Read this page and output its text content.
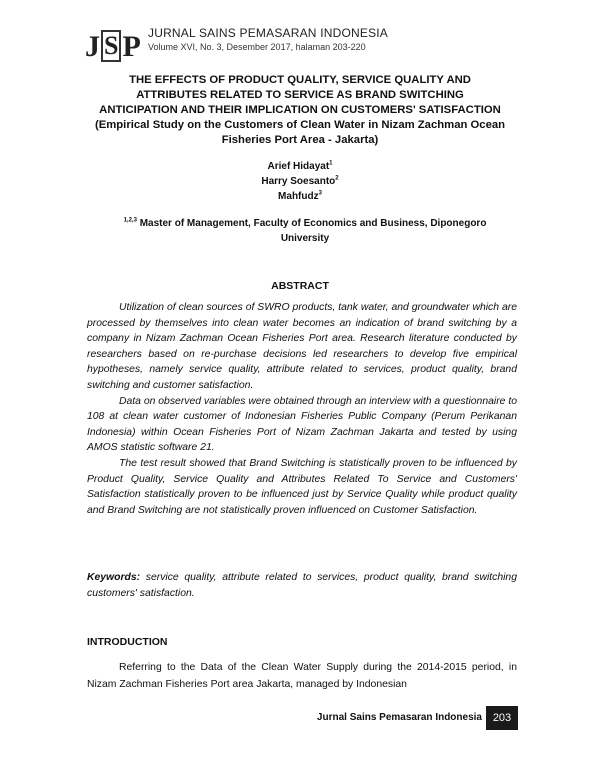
J S P JURNAL SAINS PEMASARAN INDONESIA
Volume XVI, No. 3, Desember 2017, halaman 203-220
THE EFFECTS OF PRODUCT QUALITY, SERVICE QUALITY AND
ATTRIBUTES RELATED TO SERVICE AS BRAND SWITCHING
ANTICIPATION AND THEIR IMPLICATION ON CUSTOMERS' SATISFACTION
(Empirical Study on the Customers of Clean Water in Nizam Zachman Ocean
Fisheries Port Area - Jakarta)
Arief Hidayat$^1$
Harry Soesanto$^2$
Mahfudz$^3$
$^{1,2,3}$ Master of Management, Faculty of Economics and Business, Diponegoro
University
ABSTRACT

Utilization of clean sources of SWRO products, tank water, and groundwater which are processed by themselves into clean water becomes an indication of brand switching by a company in Nizam Zachman Ocean Fisheries Port area. Research literature conducted by researchers based on re-purchase decisions led researchers to develop five empirical hypotheses, namely service quality, attribute related to services, product quality, brand switching and customer satisfaction.

Data on observed variables were obtained through an interview with a questionnaire to 108 at clean water customer of Indonesian Fisheries Public Company (Perum Perikanan Indonesia) within Ocean Fisheries Port of Nizam Zachman Jakarta and tested by using AMOS statistic software 21.

The test result showed that Brand Switching is statistically proven to be influenced by Product Quality, Service Quality and Attributes Related To Service and Customers' Satisfaction statistically proven to be influenced just by Service Quality while product quality and Brand Switching are not statistically proven influenced on Customer Satisfaction.

Keywords: service quality, attribute related to services, product quality, brand switching customers' satisfaction.
INTRODUCTION

Referring to the Data of the Clean Water Supply during the 2014-2015 period, in Nizam Zachman Fisheries Port area Jakarta, managed by Indonesian

Jurnal Sains Pemasaran Indonesia 203
